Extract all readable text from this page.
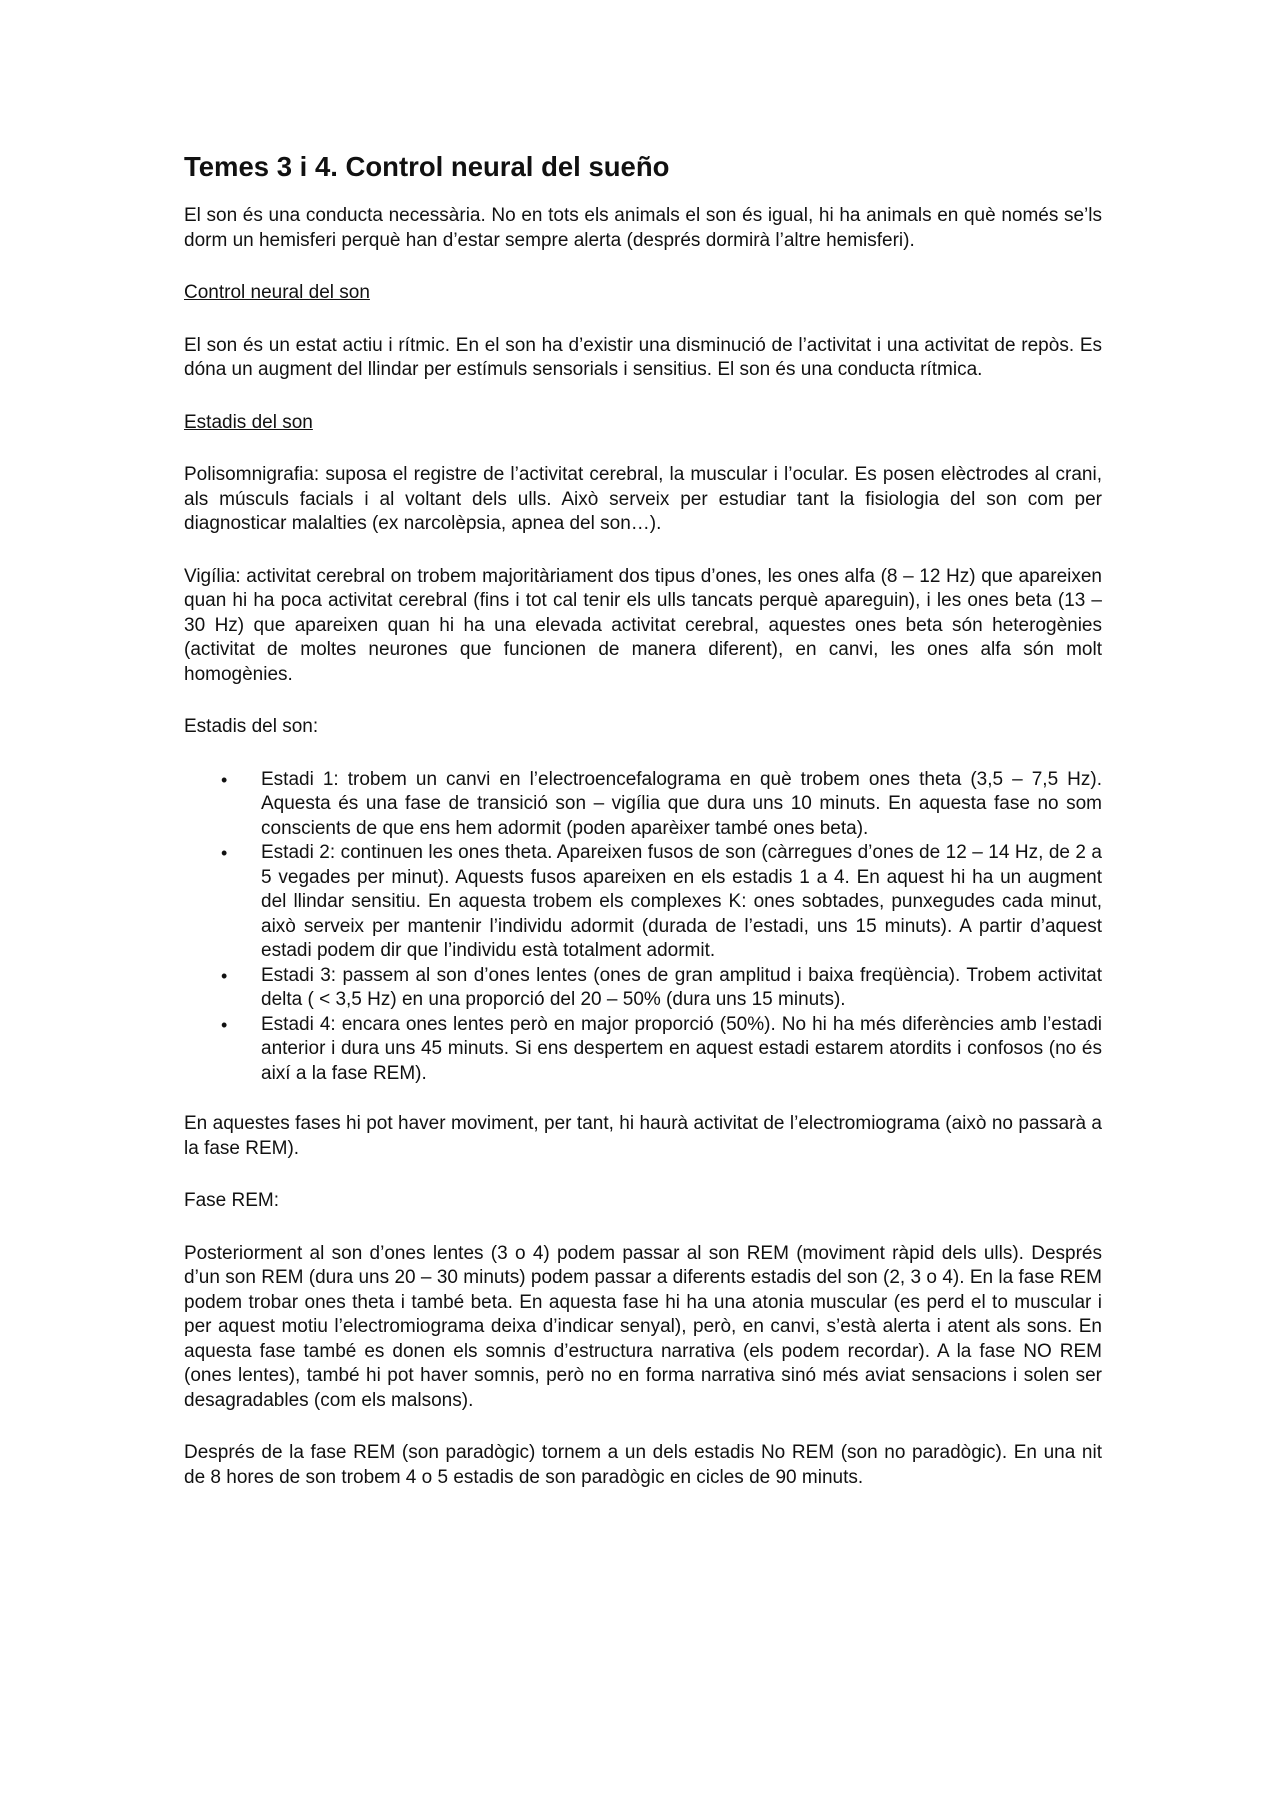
Temes 3 i 4. Control neural del sueño

El son és una conducta necessària. No en tots els animals el son és igual, hi ha animals en què només se’ls dorm un hemisferi perquè han d’estar sempre alerta (després dormirà l’altre hemisferi).

Control neural del son

El son és un estat actiu i rítmic. En el son ha d’existir una disminució de l’activitat i una activitat de repòs. Es dóna un augment del llindar per estímuls sensorials i sensitius. El son és una conducta rítmica.

Estadis del son

Polisomnigrafia: suposa el registre de l’activitat cerebral, la muscular i l’ocular. Es posen elèctrodes al crani, als músculs facials i al voltant dels ulls. Això serveix per estudiar tant la fisiologia del son com per diagnosticar malalties (ex narcolèpsia, apnea del son…).

Vigília: activitat cerebral on trobem majoritàriament dos tipus d’ones, les ones alfa (8 – 12 Hz) que apareixen quan hi ha poca activitat cerebral (fins i tot cal tenir els ulls tancats perquè apareguin), i les ones beta (13 – 30 Hz) que apareixen quan hi ha una elevada activitat cerebral, aquestes ones beta són heterogènies (activitat de moltes neurones que funcionen de manera diferent), en canvi, les ones alfa són molt homogènies.

Estadis del son:

• Estadi 1: trobem un canvi en l’electroencefalograma en què trobem ones theta (3,5 – 7,5 Hz). Aquesta és una fase de transició son – vigília que dura uns 10 minuts. En aquesta fase no som conscients de que ens hem adormit (poden aparèixer també ones beta).
• Estadi 2: continuen les ones theta. Apareixen fusos de son (càrregues d’ones de 12 – 14 Hz, de 2 a 5 vegades per minut). Aquests fusos apareixen en els estadis 1 a 4. En aquest hi ha un augment del llindar sensitiu. En aquesta trobem els complexes K: ones sobtades, punxegudes cada minut, això serveix per mantenir l’individu adormit (durada de l’estadi, uns 15 minuts). A partir d’aquest estadi podem dir que l’individu està totalment adormit.
• Estadi 3: passem al son d’ones lentes (ones de gran amplitud i baixa freqüència). Trobem activitat delta ( < 3,5 Hz) en una proporció del 20 – 50% (dura uns 15 minuts).
• Estadi 4: encara ones lentes però en major proporció (50%). No hi ha més diferències amb l’estadi anterior i dura uns 45 minuts. Si ens despertem en aquest estadi estarem atordits i confosos (no és així a la fase REM).

En aquestes fases hi pot haver moviment, per tant, hi haurà activitat de l’electromiograma (això no passarà a la fase REM).

Fase REM:

Posteriorment al son d’ones lentes (3 o 4) podem passar al son REM (moviment ràpid dels ulls). Després d’un son REM (dura uns 20 – 30 minuts) podem passar a diferents estadis del son (2, 3 o 4). En la fase REM podem trobar ones theta i també beta. En aquesta fase hi ha una atonia muscular (es perd el to muscular i per aquest motiu l’electromiograma deixa d’indicar senyal), però, en canvi, s’està alerta i atent als sons. En aquesta fase també es donen els somnis d’estructura narrativa (els podem recordar). A la fase NO REM (ones lentes), també hi pot haver somnis, però no en forma narrativa sinó més aviat sensacions i solen ser desagradables (com els malsons).

Després de la fase REM (son paradògic) tornem a un dels estadis No REM (son no paradògic). En una nit de 8 hores de son trobem 4 o 5 estadis de son paradògic en cicles de 90 minuts.
